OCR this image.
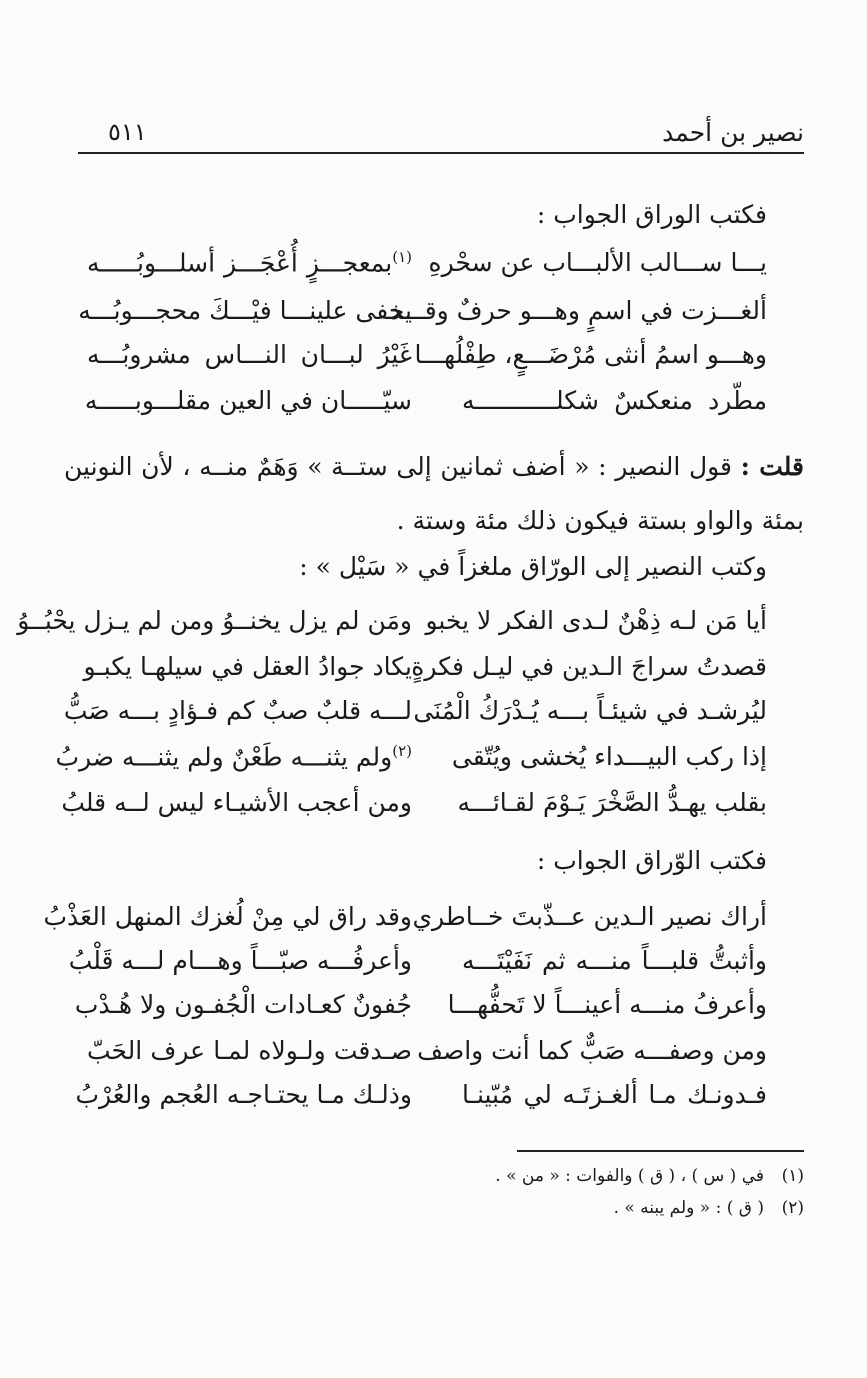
نصير بن أحمد
٥١١
فكتب الوراق الجواب :
يـــا ســـالب الألبـــاب عن سحْرهِ
$^{(١)}$بمعجـــزٍ أُعْجَـــز أسلـــوبُـــــه
ألغـــزت في اسمٍ وهـــو حرفٌ وقـــد
يخفى علينـــا فيْـــكَ محجـــوبُـــه
وهـــو اسمُ أنثى مُرْضَـــعٍ، طِفْلُهـــا
غَيْرُ لبـــان النـــاس مشروبُـــه
مطّرد منعكسٌ شكلـــــــــــه
سيّـــــان في العين مقلـــوبـــــه
قلت : قول النصير : « أضف ثمانين إلى ستــة » وَهَمٌ منــه ، لأن النونين بمئة والواو بستة فيكون ذلك مئة وستة .
وكتب النصير إلى الورّاق ملغزاً في « سَيْل » :
أيا مَن لـه ذِهْنٌ لـدى الفكر لا يخبو
ومَن لم يزل يخنــوُ ومن لم يـزل يحْبُــوُ
قصدتُ سراجَ الـدين في ليـل فكرةٍ
يكاد جوادُ العقل في سيلهـا يكبـو
ليُرشـد في شيئـاً بـــه يُـدْرَكُ الْمُنَى
لـــه قلبٌ صبٌ كم فـؤادٍ بـــه صَبُّ
إذا ركب البيـــداء يُخشى ويُتّقى
$^{(٢)}$ولم يثنـــه طَعْنٌ ولم يثنـــه ضربُ
بقلب يهـدُّ الصَّخْرَ يَـوْمَ لقـائـــه
ومن أعجب الأشيـاء ليس لــه قلبُ
فكتب الوّراق الجواب :
أراك نصير الـدين عــذّبتَ خــاطري
وقد راق لي مِنْ لُغزك المنهل العَذْبُ
وأثبتُّ قلبـــاً منـــه ثم نَفَيْتَـــه
وأعرفُـــه صبّـــاً وهـــام لـــه قَلْبُ
وأعرفُ منـــه أعينـــاً لا تَحفُّهـــا
جُفونٌ كعـادات الْجُفـون ولا هُـدْب
ومن وصفـــه صَبٌّ كما أنت واصف
صـدقت ولـولاه لمـا عرف الحَبّ
فـدونـك مـا ألغـزتَـه لي مُبّينـا
وذلـك مـا يحتـاجـه العُجم والعُرْبُ
(١)في ( س ) ، ( ق ) والفوات : « من » .
(٢)( ق ) : « ولم يبنه » .
